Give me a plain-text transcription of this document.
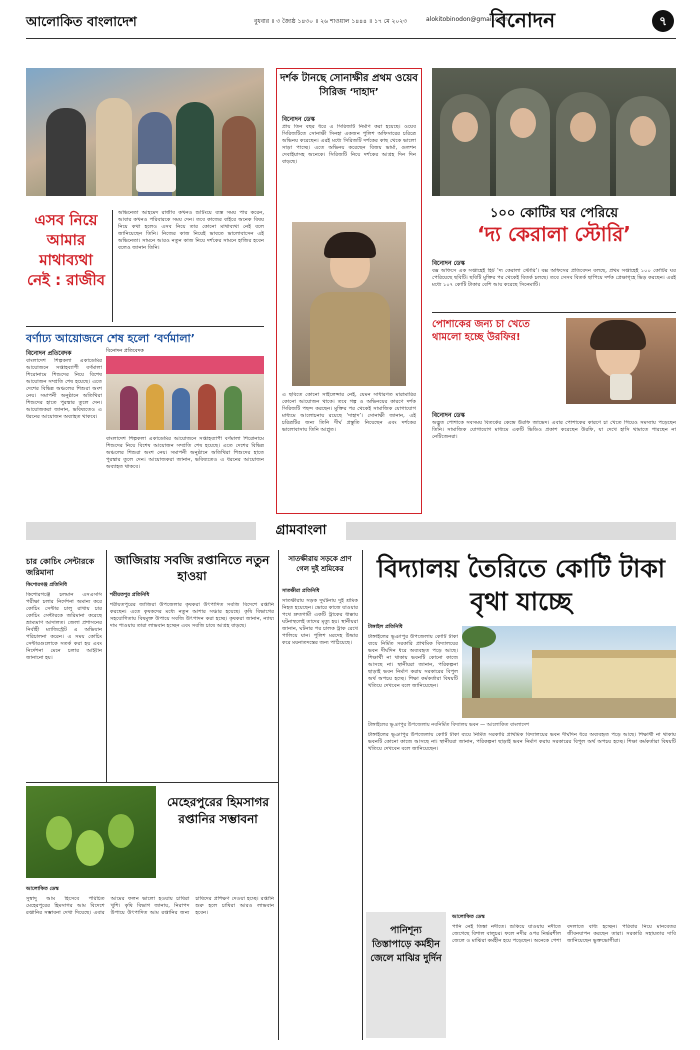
আলোকিত বাংলাদেশ	বুধবার ॥ ৩ জ্যৈষ্ঠ ১৪৩০ ॥ ২৬ শাওয়াল ১৪৪৪ ॥ ১৭ মে ২০২৩	alokitobinodon@gmail.com
বিনোদন	৭
এসব নিয়ে আমার মাথাব্যথা নেই : রাজীব
অভিনেতা আহমেদ রাজীব কখনও শুটিংয়ে ব্যস্ত সময় পার করেন, আবার কখনও পরিবারকে সময় দেন। তবে কাজের বাইরে অনেক বিষয় নিয়ে কথা হলেও এসব নিয়ে তার কোনো মাথাব্যথা নেই বলে জানিয়েছেন তিনি। নিজের কাজ নিয়েই ভাবতে ভালোবাসেন এই অভিনেতা। সামনে আরও নতুন কাজ নিয়ে দর্শকের সামনে হাজির হবেন বলেও জানান তিনি।
দর্শক টানছে সোনাক্ষীর প্রথম ওয়েব সিরিজ ‘দাহাদ’
বিনোদন ডেস্ক
প্রায় তিন বছর ধরে এ সিরিজটি নির্মাণ করা হয়েছে। ওয়েব সিরিজটিতে সোনাক্ষী সিনহা একজন পুলিশ অফিসারের চরিত্রে অভিনয় করেছেন। এরই মধ্যে সিরিজটি দর্শকের কাছ থেকে ভালো সাড়া পাচ্ছে। এতে অভিনয় করেছেন বিজয় ভার্মা, গুলশন দেবাইয়াসহ অনেকে। সিরিজটি নিয়ে দর্শকের আগ্রহ দিন দিন বাড়ছে।
এ ছবিতে কোনো সাইলেন্সার নেই, যেমন সাধারণত মারামারির কোনো আয়োজন থাকে। তবে গল্প ও অভিনয়ের কারণে দর্শক সিরিজটি পছন্দ করছেন। মুক্তির পর থেকেই সামাজিক যোগাযোগ মাধ্যমে আলোচনায় রয়েছে ‘দাহাদ’। সোনাক্ষী জানান, এই চরিত্রটির জন্য তিনি দীর্ঘ প্রস্তুতি নিয়েছেন এবং দর্শকের ভালোবাসায় তিনি আপ্লুত।
১০০ কোটির ঘর পেরিয়ে
‘দ্য কেরালা স্টোরি’
বিনোদন ডেস্ক
বক্স অফিসে এক সপ্তাহেই হিট ‘দ্য কেরালা স্টোরি’। বক্স অফিসের প্রতিবেদন বলছে, প্রথম সপ্তাহেই ১০০ কোটির ঘর পেরিয়েছে ছবিটি। ছবিটি মুক্তির পর থেকেই বিতর্ক চলছে। তবে সেসব বিতর্ক ছাপিয়ে দর্শক প্রেক্ষাগৃহে ভিড় করছেন। এরই মধ্যে ১০৭ কোটি টাকার বেশি আয় করেছে সিনেমাটি।
পোশাকের জন্য চা খেতে থামলো হচ্ছে উরফির!
বিনোদন ডেস্ক
অদ্ভুত পোশাকে সবসময় বিতর্কের কেন্দ্রে উরফি জাভেদ। এবার পোশাকের কারণে চা খেতে গিয়েও সমস্যায় পড়েছেন তিনি। সামাজিক যোগাযোগ মাধ্যমে একটি ভিডিও প্রকাশ করেছেন উরফি, যা দেখে হাসি থামাতে পারছেন না নেটিজেনরা।
বর্ণাঢ্য আয়োজনে শেষ হলো ‘বর্ণমালা’
বিনোদন প্রতিবেদক	বিনোদন প্রতিবেদক
বাংলাদেশ শিল্পকলা একাডেমির আয়োজনে সপ্তাহব্যাপী বর্ণমালা শিরোনামে শিশুদের নিয়ে বিশেষ আয়োজন সম্প্রতি শেষ হয়েছে। এতে দেশের বিভিন্ন অঞ্চলের শিশুরা অংশ নেয়। সমাপনী অনুষ্ঠানে অতিথিরা শিশুদের হাতে পুরস্কার তুলে দেন। আয়োজকরা জানান, ভবিষ্যতেও এ ধরনের আয়োজন অব্যাহত থাকবে।
বাংলাদেশ শিল্পকলা একাডেমির আয়োজনে সপ্তাহব্যাপী বর্ণমালা শিরোনামে শিশুদের নিয়ে বিশেষ আয়োজন সম্প্রতি শেষ হয়েছে। এতে দেশের বিভিন্ন অঞ্চলের শিশুরা অংশ নেয়। সমাপনী অনুষ্ঠানে অতিথিরা শিশুদের হাতে পুরস্কার তুলে দেন। আয়োজকরা জানান, ভবিষ্যতেও এ ধরনের আয়োজন অব্যাহত থাকবে।
গ্রামবাংলা
চার কোচিং সেন্টারকে জরিমানা
কিশোরগঞ্জ প্রতিনিধি
কিশোরগঞ্জে চলমান এসএসসি পরীক্ষা চলার নির্দেশনা অমান্য করে কোচিং সেন্টার চালু রাখায় চার কোচিং সেন্টারকে জরিমানা করেছে ভ্রাম্যমাণ আদালত। জেলা প্রশাসনের নির্বাহী ম্যাজিস্ট্রেট এ অভিযান পরিচালনা করেন। এ সময় কোচিং সেন্টারগুলোকে সতর্ক করা হয় এবং নির্দেশনা মেনে চলার আহ্বান জানানো হয়।
জাজিরায় সবজি রপ্তানিতে নতুন হাওয়া
শরীয়তপুর প্রতিনিধি
শরীয়তপুরের জাজিরা উপজেলার কৃষকরা উৎপাদিত সবজি বিদেশে রপ্তানি করছেন। এতে কৃষকদের মধ্যে নতুন আশার সঞ্চার হয়েছে। কৃষি বিভাগের সহযোগিতায় বিষমুক্ত উপায়ে সবজি উৎপাদন করা হচ্ছে। কৃষকরা জানান, ন্যায্য দাম পাওয়ায় তারা লাভবান হচ্ছেন এবং সবজি চাষে আগ্রহ বাড়ছে।
সাতক্ষীরায় সড়কে প্রাণ গেল দুই শ্রমিকের
সাতক্ষীরা প্রতিনিধি
সাতক্ষীরায় সড়ক দুর্ঘটনায় দুই শ্রমিক নিহত হয়েছেন। ভোরে কাজে যাওয়ার পথে দ্রুতগামী একটি ট্রাকের ধাক্কায় ঘটনাস্থলেই তাদের মৃত্যু হয়। স্থানীয়রা জানান, ঘটনার পর চালক ট্রাক রেখে পালিয়ে যান। পুলিশ মরদেহ উদ্ধার করে ময়নাতদন্তের জন্য পাঠিয়েছে।
বিদ্যালয় তৈরিতে কোটি টাকা বৃথা যাচ্ছে
টাঙ্গাইল প্রতিনিধি
টাঙ্গাইলের ভূঞাপুর উপজেলায় কোটি টাকা ব্যয়ে নির্মিত সরকারি প্রাথমিক বিদ্যালয়ের ভবন দীর্ঘদিন ধরে অব্যবহৃত পড়ে আছে। শিক্ষার্থী না থাকায় ভবনটি কোনো কাজে আসছে না। স্থানীয়রা জানান, পরিকল্পনা ছাড়াই ভবন নির্মাণ করায় সরকারের বিপুল অর্থ অপচয় হচ্ছে। শিক্ষা কর্মকর্তারা বিষয়টি খতিয়ে দেখবেন বলে জানিয়েছেন।
টাঙ্গাইলের ভূঞাপুর উপজেলায় নবনির্মিত বিদ্যালয় ভবন — আলোকিত বাংলাদেশ
টাঙ্গাইলের ভূঞাপুর উপজেলায় কোটি টাকা ব্যয়ে নির্মিত সরকারি প্রাথমিক বিদ্যালয়ের ভবন দীর্ঘদিন ধরে অব্যবহৃত পড়ে আছে। শিক্ষার্থী না থাকায় ভবনটি কোনো কাজে আসছে না। স্থানীয়রা জানান, পরিকল্পনা ছাড়াই ভবন নির্মাণ করায় সরকারের বিপুল অর্থ অপচয় হচ্ছে। শিক্ষা কর্মকর্তারা বিষয়টি খতিয়ে দেখবেন বলে জানিয়েছেন।
মেহেরপুরের হিমসাগর রপ্তানির সম্ভাবনা
আলোকিত ডেস্ক
সুস্বাদু আম হিসেবে পরিচিত মেহেরপুরের হিমসাগর আম বিদেশে রপ্তানির সম্ভাবনা দেখা দিয়েছে। এবার আমের ফলন ভালো হওয়ায় চাষিরা খুশি। কৃষি বিভাগ জানায়, নিরাপদ উপায়ে উৎপাদিত আম রপ্তানির জন্য চাষিদের প্রশিক্ষণ দেওয়া হচ্ছে। রপ্তানি শুরু হলে চাষিরা আরও লাভবান হবেন।
পানিশূন্য তিস্তাপাড়ে কর্মহীন জেলে মাঝির দুর্দিন
আলোকিত ডেস্ক
পানি নেই তিস্তা নদীতে। শুকিয়ে যাওয়ায় নদীতে জেগেছে বিশাল বালুচর। ফলে নদীর ওপর নির্ভরশীল জেলে ও মাঝিরা কর্মহীন হয়ে পড়েছেন। অনেকে পেশা বদলাতে বাধ্য হচ্ছেন। পরিবার নিয়ে মানবেতর জীবনযাপন করছেন তারা। সরকারি সহায়তার দাবি জানিয়েছেন ভুক্তভোগীরা।
